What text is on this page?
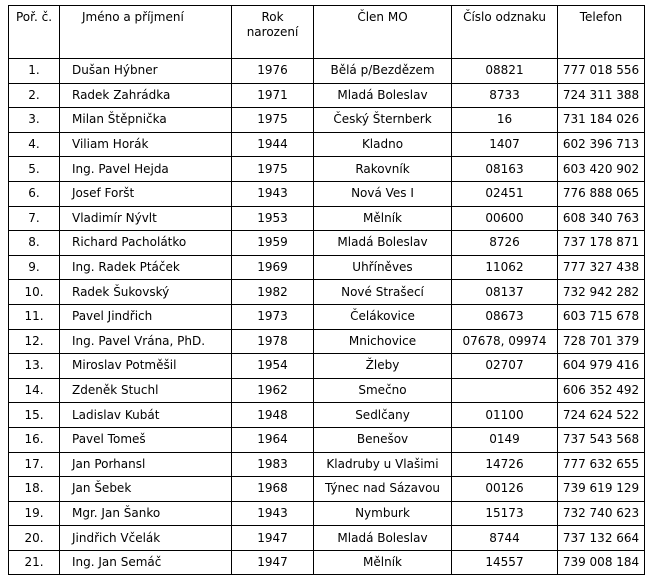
Poř. č.	Jméno a příjmení	Rok narození	Člen MO	Číslo odznaku	Telefon
1.	Dušan Hýbner	1976	Bělá p/Bezdězem	08821	777 018 556
2.	Radek Zahrádka	1971	Mladá Boleslav	8733	724 311 388
3.	Milan Štěpnička	1975	Český Šternberk	16	731 184 026
4.	Viliam Horák	1944	Kladno	1407	602 396 713
5.	Ing. Pavel Hejda	1975	Rakovník	08163	603 420 902
6.	Josef Foršt	1943	Nová Ves I	02451	776 888 065
7.	Vladimír Nývlt	1953	Mělník	00600	608 340 763
8.	Richard Pacholátko	1959	Mladá Boleslav	8726	737 178 871
9.	Ing. Radek Ptáček	1969	Uhříněves	11062	777 327 438
10.	Radek Šukovský	1982	Nové Strašecí	08137	732 942 282
11.	Pavel Jindřich	1973	Čelákovice	08673	603 715 678
12.	Ing. Pavel Vrána, PhD.	1978	Mnichovice	07678, 09974	728 701 379
13.	Miroslav Potměšil	1954	Žleby	02707	604 979 416
14.	Zdeněk Stuchl	1962	Smečno		606 352 492
15.	Ladislav Kubát	1948	Sedlčany	01100	724 624 522
16.	Pavel Tomeš	1964	Benešov	0149	737 543 568
17.	Jan Porhansl	1983	Kladruby u Vlašimi	14726	777 632 655
18.	Jan Šebek	1968	Týnec nad Sázavou	00126	739 619 129
19.	Mgr. Jan Šanko	1943	Nymburk	15173	732 740 623
20.	Jindřich Včelák	1947	Mladá Boleslav	8744	737 132 664
21.	Ing. Jan Semáč	1947	Mělník	14557	739 008 184
